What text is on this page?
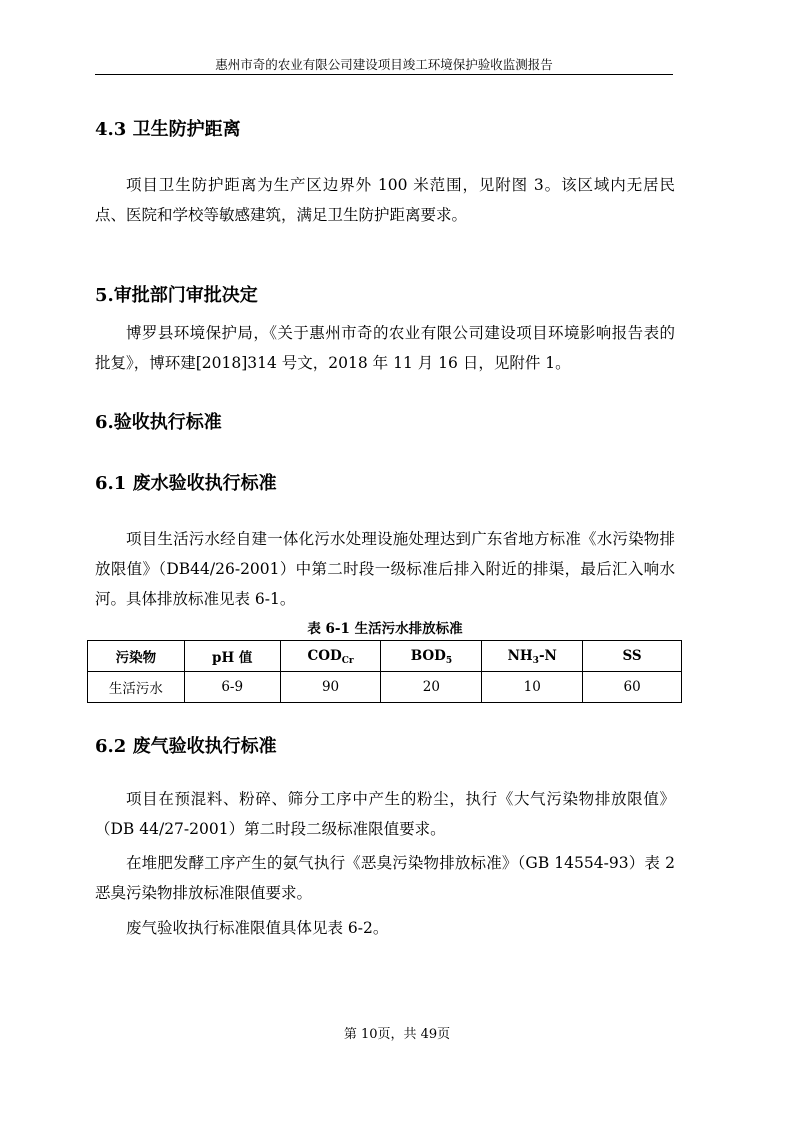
惠州市奇的农业有限公司建设项目竣工环境保护验收监测报告
4.3 卫生防护距离
项目卫生防护距离为生产区边界外 100 米范围，见附图 3。该区域内无居民点、医院和学校等敏感建筑，满足卫生防护距离要求。
5.审批部门审批决定
博罗县环境保护局，《关于惠州市奇的农业有限公司建设项目环境影响报告表的批复》，博环建[2018]314 号文，2018 年 11 月 16 日，见附件 1。
6.验收执行标准
6.1 废水验收执行标准
项目生活污水经自建一体化污水处理设施处理达到广东省地方标准《水污染物排放限值》（DB44/26-2001）中第二时段一级标准后排入附近的排渠，最后汇入响水河。具体排放标准见表 6-1。
表 6-1 生活污水排放标准
污染物	pH 值	$COD_{Cr}$	$BOD_5$	$NH_3-N$	SS
生活污水	6-9	90	20	10	60
6.2 废气验收执行标准
项目在预混料、粉碎、筛分工序中产生的粉尘，执行《大气污染物排放限值》（DB 44/27-2001）第二时段二级标准限值要求。
在堆肥发酵工序产生的氨气执行《恶臭污染物排放标准》（GB 14554-93）表 2 恶臭污染物排放标准限值要求。
废气验收执行标准限值具体见表 6-2。
第 10页，共 49页
